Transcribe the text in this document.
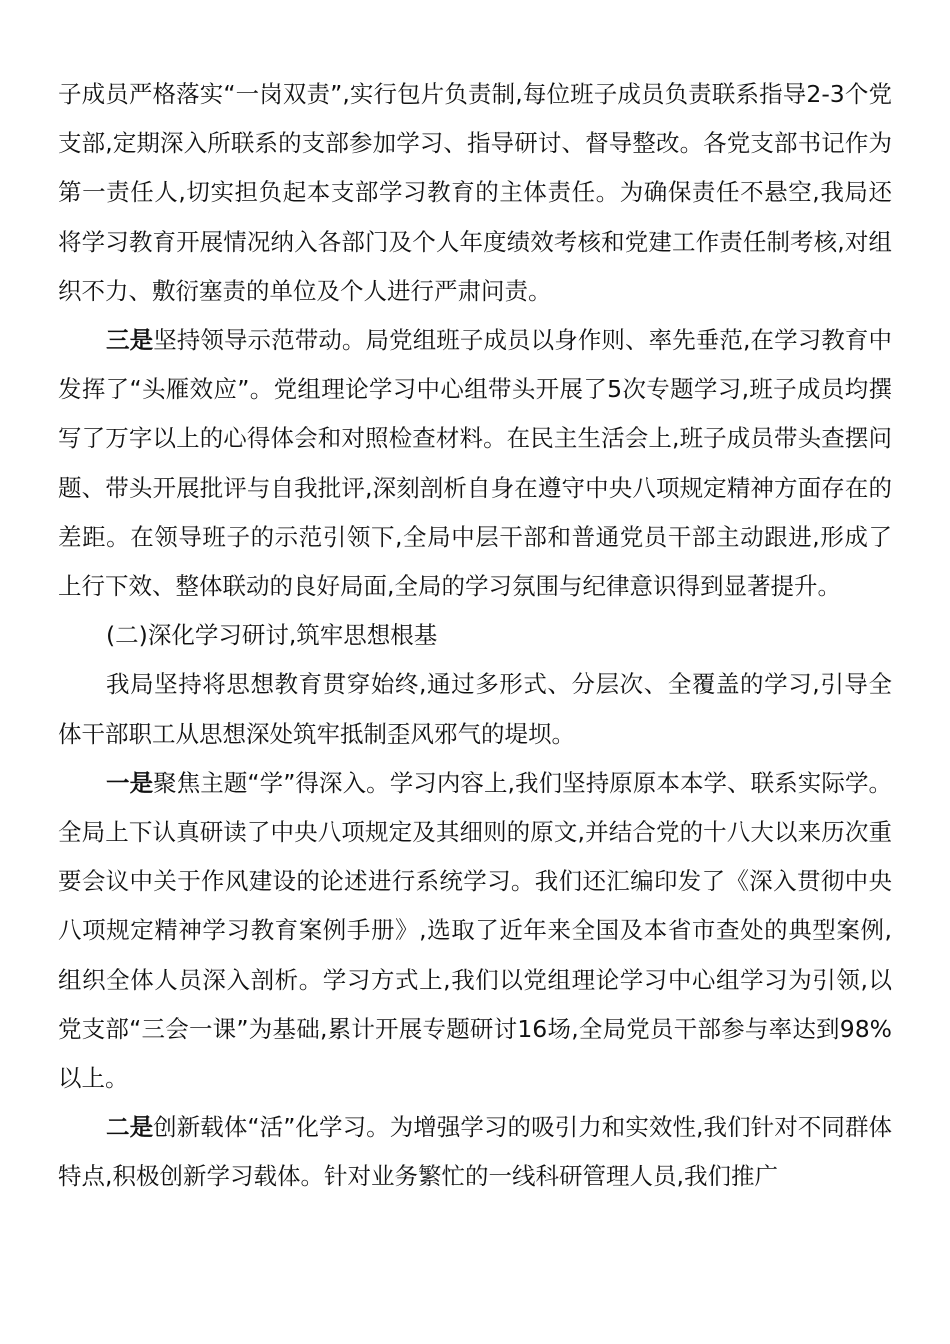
子成员严格落实“一岗双责”,实行包片负责制,每位班子成员负责联系指导2-3个党支部,定期深入所联系的支部参加学习、指导研讨、督导整改。各党支部书记作为第一责任人,切实担负起本支部学习教育的主体责任。为确保责任不悬空,我局还将学习教育开展情况纳入各部门及个人年度绩效考核和党建工作责任制考核,对组织不力、敷衍塞责的单位及个人进行严肃问责。

三是坚持领导示范带动。局党组班子成员以身作则、率先垂范,在学习教育中发挥了“头雁效应”。党组理论学习中心组带头开展了5次专题学习,班子成员均撰写了万字以上的心得体会和对照检查材料。在民主生活会上,班子成员带头查摆问题、带头开展批评与自我批评,深刻剖析自身在遵守中央八项规定精神方面存在的差距。在领导班子的示范引领下,全局中层干部和普通党员干部主动跟进,形成了上行下效、整体联动的良好局面,全局的学习氛围与纪律意识得到显著提升。

(二)深化学习研讨,筑牢思想根基

我局坚持将思想教育贯穿始终,通过多形式、分层次、全覆盖的学习,引导全体干部职工从思想深处筑牢抵制歪风邪气的堤坝。

一是聚焦主题“学”得深入。学习内容上,我们坚持原原本本学、联系实际学。全局上下认真研读了中央八项规定及其细则的原文,并结合党的十八大以来历次重要会议中关于作风建设的论述进行系统学习。我们还汇编印发了《深入贯彻中央八项规定精神学习教育案例手册》,选取了近年来全国及本省市查处的典型案例,组织全体人员深入剖析。学习方式上,我们以党组理论学习中心组学习为引领,以党支部“三会一课”为基础,累计开展专题研讨16场,全局党员干部参与率达到98%以上。

二是创新载体“活”化学习。为增强学习的吸引力和实效性,我们针对不同群体特点,积极创新学习载体。针对业务繁忙的一线科研管理人员,我们推广
